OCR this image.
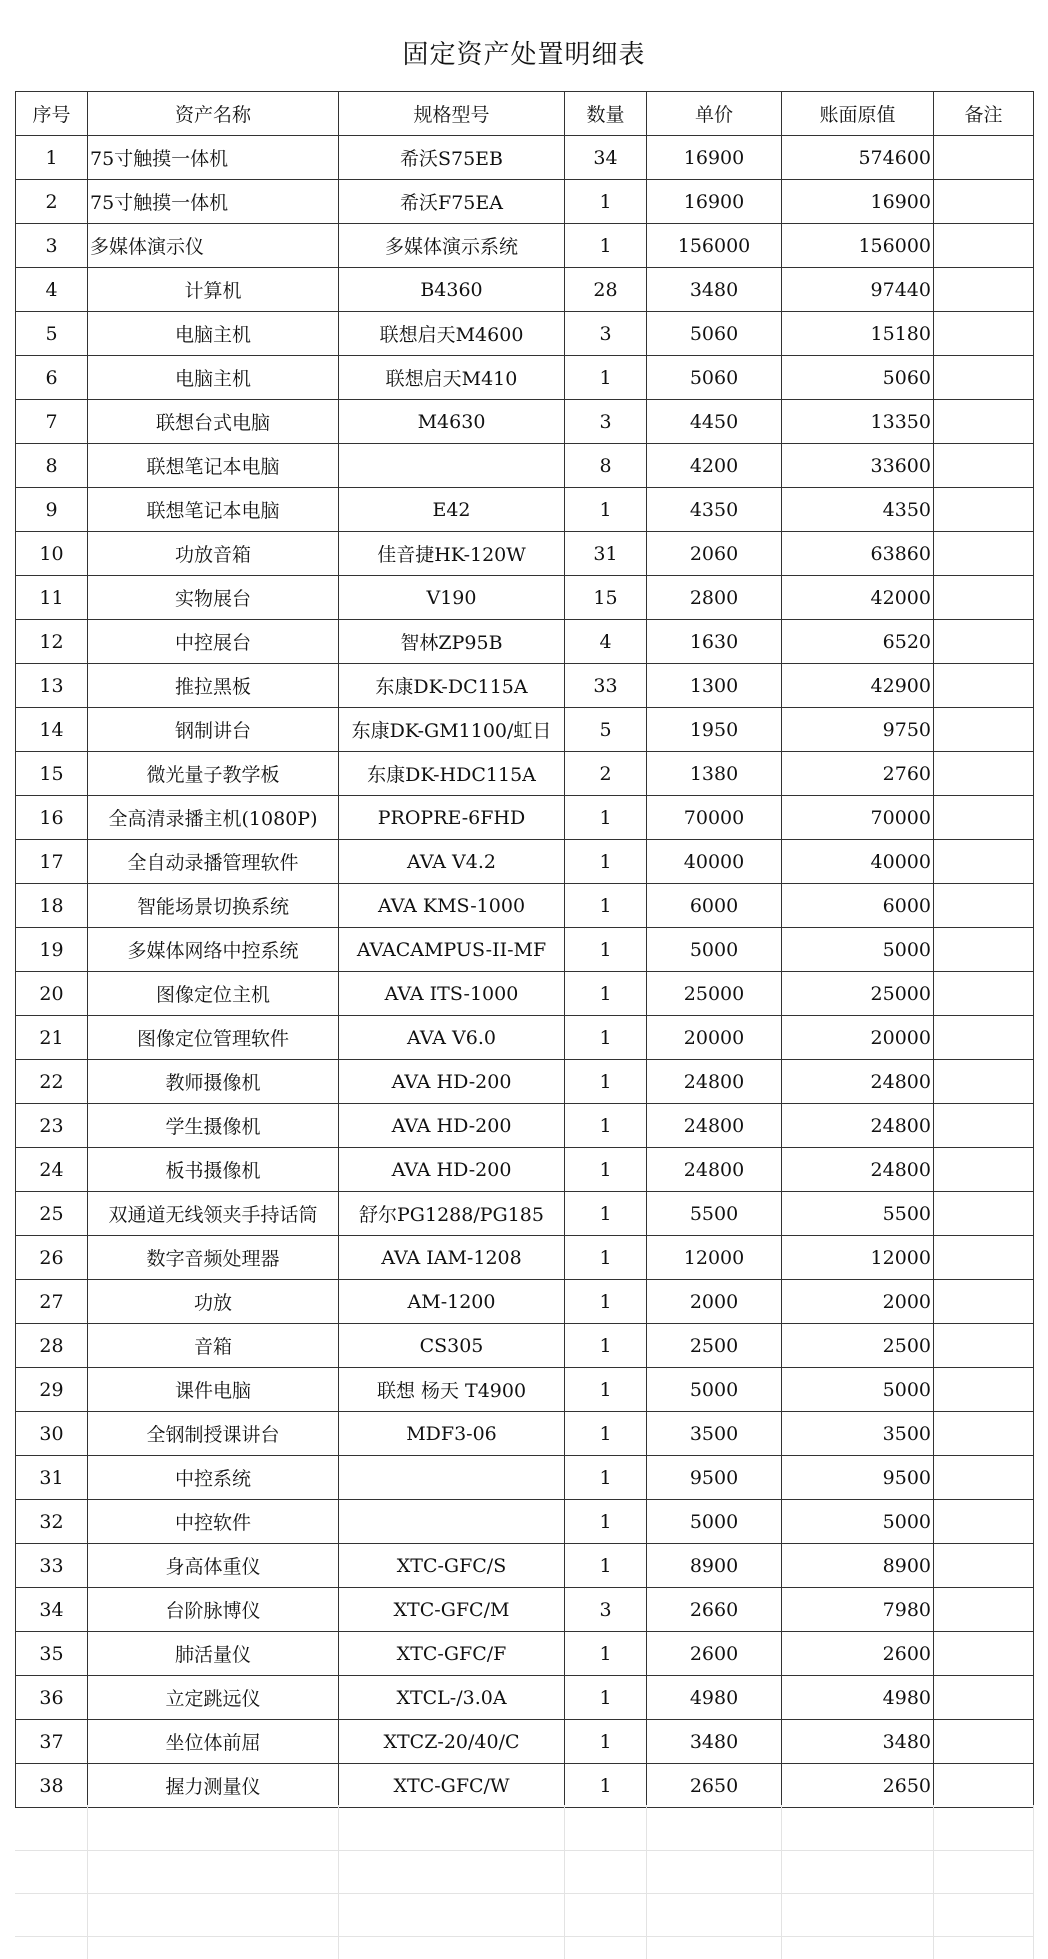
固定资产处置明细表
序号	资产名称	规格型号	数量	单价	账面原值	备注
1	75寸触摸一体机	希沃S75EB	34	16900	574600	
2	75寸触摸一体机	希沃F75EA	1	16900	16900	
3	多媒体演示仪	多媒体演示系统	1	156000	156000	
4	计算机	B4360	28	3480	97440	
5	电脑主机	联想启天M4600	3	5060	15180	
6	电脑主机	联想启天M410	1	5060	5060	
7	联想台式电脑	M4630	3	4450	13350	
8	联想笔记本电脑		8	4200	33600	
9	联想笔记本电脑	E42	1	4350	4350	
10	功放音箱	佳音捷HK-120W	31	2060	63860	
11	实物展台	V190	15	2800	42000	
12	中控展台	智林ZP95B	4	1630	6520	
13	推拉黑板	东康DK-DC115A	33	1300	42900	
14	钢制讲台	东康DK-GM1100/虹日	5	1950	9750	
15	微光量子教学板	东康DK-HDC115A	2	1380	2760	
16	全高清录播主机(1080P)	PROPRE-6FHD	1	70000	70000	
17	全自动录播管理软件	AVA V4.2	1	40000	40000	
18	智能场景切换系统	AVA KMS-1000	1	6000	6000	
19	多媒体网络中控系统	AVACAMPUS-II-MF	1	5000	5000	
20	图像定位主机	AVA ITS-1000	1	25000	25000	
21	图像定位管理软件	AVA V6.0	1	20000	20000	
22	教师摄像机	AVA HD-200	1	24800	24800	
23	学生摄像机	AVA HD-200	1	24800	24800	
24	板书摄像机	AVA HD-200	1	24800	24800	
25	双通道无线领夹手持话筒	舒尔PG1288/PG185	1	5500	5500	
26	数字音频处理器	AVA IAM-1208	1	12000	12000	
27	功放	AM-1200	1	2000	2000	
28	音箱	CS305	1	2500	2500	
29	课件电脑	联想 杨天 T4900	1	5000	5000	
30	全钢制授课讲台	MDF3-06	1	3500	3500	
31	中控系统		1	9500	9500	
32	中控软件		1	5000	5000	
33	身高体重仪	XTC-GFC/S	1	8900	8900	
34	台阶脉博仪	XTC-GFC/M	3	2660	7980	
35	肺活量仪	XTC-GFC/F	1	2600	2600	
36	立定跳远仪	XTCL-/3.0A	1	4980	4980	
37	坐位体前屈	XTCZ-20/40/C	1	3480	3480	
38	握力测量仪	XTC-GFC/W	1	2650	2650	
